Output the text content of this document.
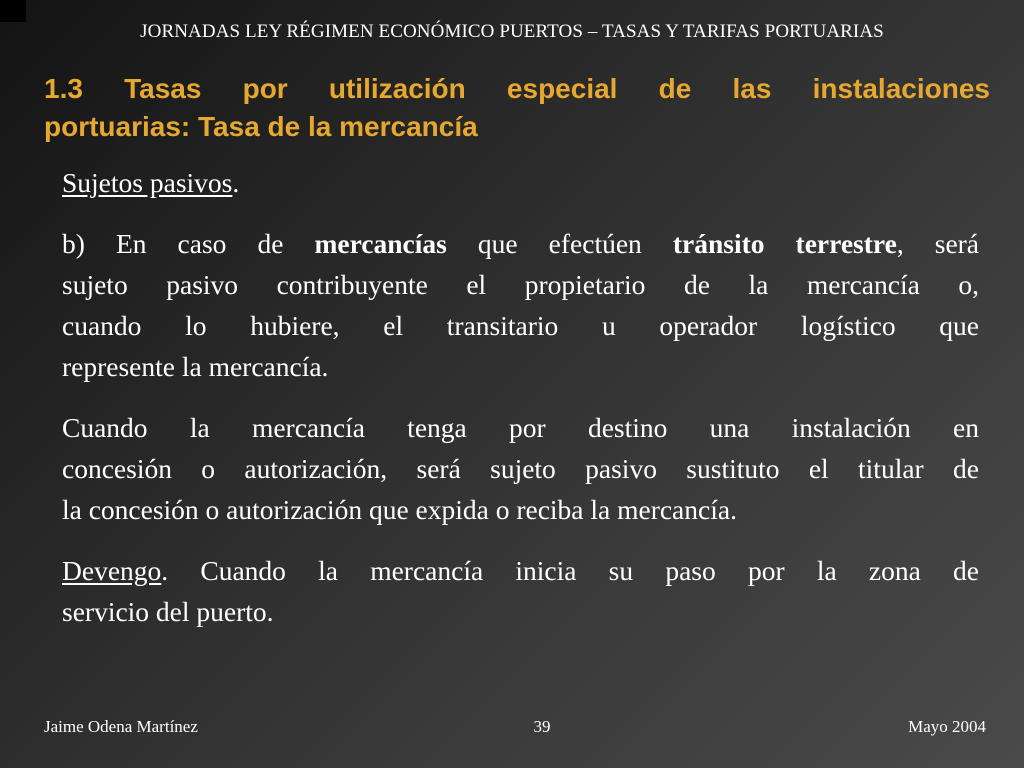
JORNADAS LEY RÉGIMEN ECONÓMICO PUERTOS – TASAS Y TARIFAS PORTUARIAS
1.3 Tasas por utilización especial de las instalaciones
portuarias: Tasa de la mercancía

Sujetos pasivos.

b) En caso de mercancías que efectúen tránsito terrestre, será
sujeto pasivo contribuyente el propietario de la mercancía o,
cuando lo hubiere, el transitario u operador logístico que
represente la mercancía.

Cuando la mercancía tenga por destino una instalación en
concesión o autorización, será sujeto pasivo sustituto el titular de
la concesión o autorización que expida o reciba la mercancía.

Devengo. Cuando la mercancía inicia su paso por la zona de
servicio del puerto.

Jaime Odena Martínez	39	Mayo 2004
